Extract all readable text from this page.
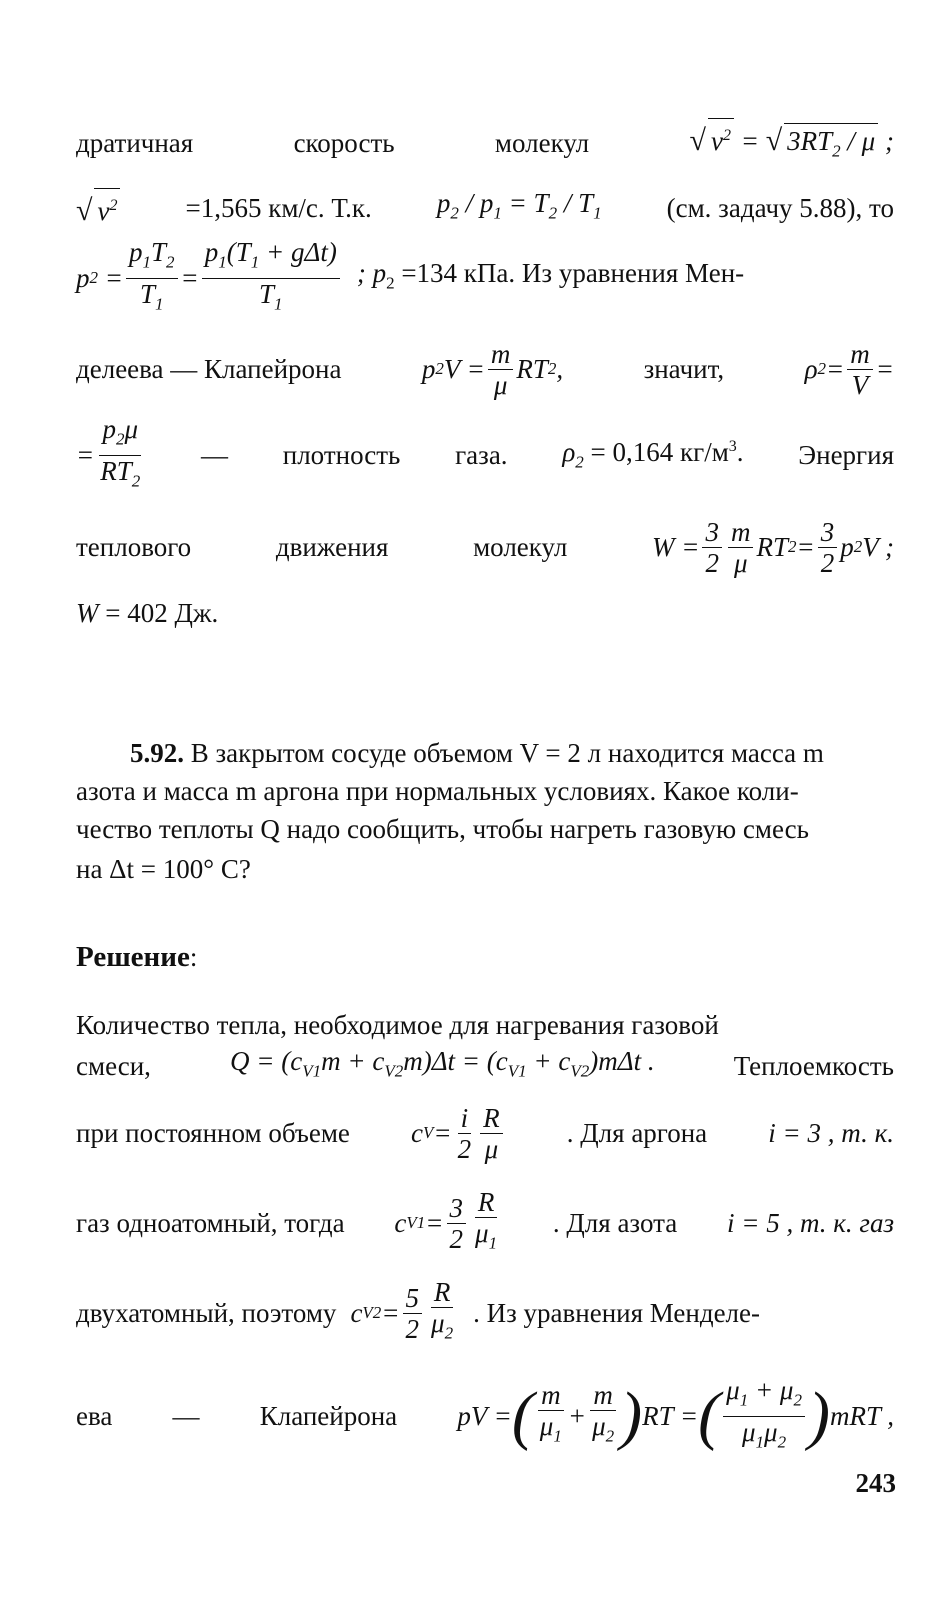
дратичная	скорость	молекул	√ $v^2$ = √ $3RT_2$ / μ ;
√ $v^2$	=1,565 км/с. Т.к. $p_2 / p_1 = T_2 / T_1$ (см. задачу 5.88), то
p $2 = \frac{p_1T_2}{T_1} = \frac{p_1(T_1 + g\Delta t)}{T_1}$ ; $p_2 =134$ кПа. Из уравнения Мен-
делеева — Клапейрона	p 2 $V = \frac{m}{\mu}$ RT 2 ,	значит,	ρ $2 = \frac{m}{V}$ =
= $\frac{p_2\mu}{RT_2}$ — плотность газа. $\rho_2 = 0,164$ $кг/м^3$. Энергия
теплового	движения	молекул	$W = \frac{3}{2} \frac{m}{\mu}$ RT $2 = \frac{3}{2}$ p 2 V ;
W = 402 Дж.
5.92. В закрытом сосуде объемом V = 2 л находится масса m
азота и масса m аргона при нормальных условиях. Какое коли-
чество теплоты Q надо сообщить, чтобы нагреть газовую смесь
на Δt = 100° С?
Решение:
Количество тепла, необходимое для нагревания газовой
смеси,	$Q = (c_{V1}m + c_{V2}m)\Delta t = (c_{V1} + c_{V2})m\Delta t$ .	Теплоемкость
при постоянном объеме c $V = \frac{i}{2} \frac{R}{\mu}$ . Для аргона i = 3 , т. к.
газ одноатомный, тогда c $V1 = \frac{3}{2} \frac{R}{\mu_1}$ . Для азота i = 5 , т. к. газ
двухатомный, поэтому c $V2 = \frac{5}{2} \frac{R}{\mu_2}$ . Из уравнения Менделе-
ева — Клапейрона pV = ( $\frac{m}{\mu_1} + \frac{m}{\mu_2}$ ) RT = ( $\frac{\mu_1 + \mu_2}{\mu_1\mu_2}$ ) mRT ,
243
